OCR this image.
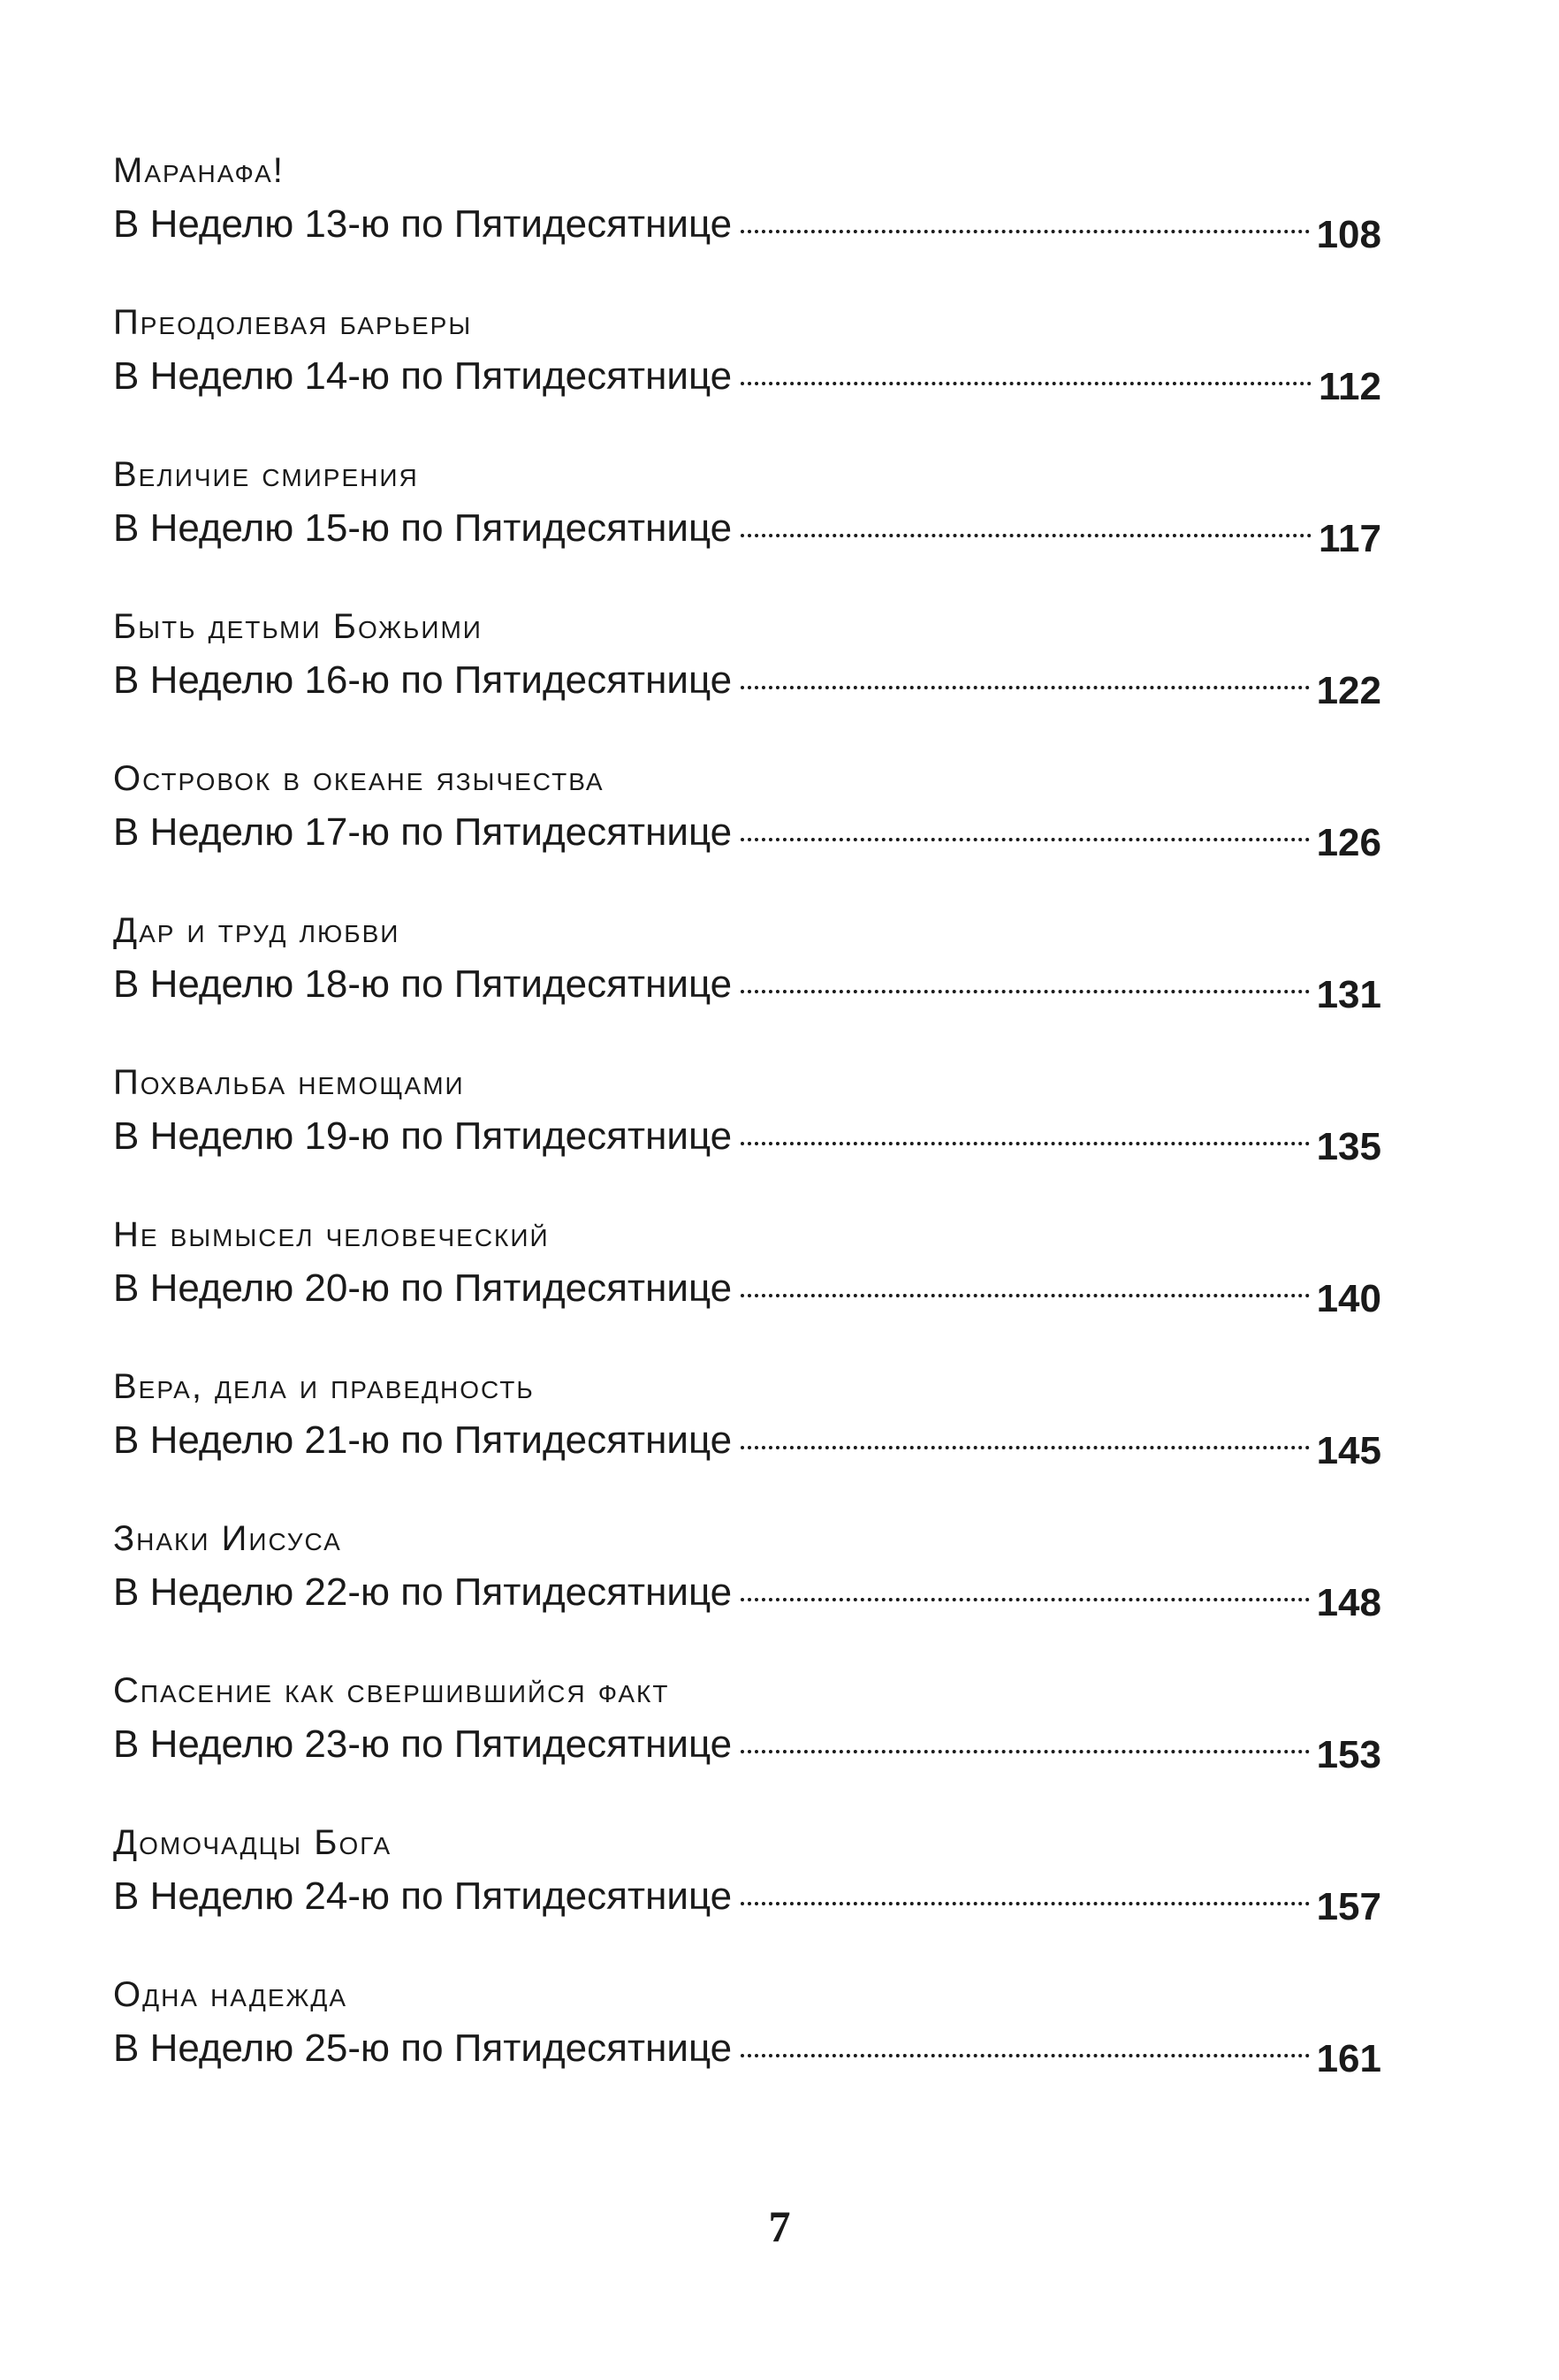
Маранафа!
В Неделю 13-ю по Пятидесятнице	108
Преодолевая барьеры
В Неделю 14-ю по Пятидесятнице	112
Величие смирения
В Неделю 15-ю по Пятидесятнице	117
Быть детьми Божьими
В Неделю 16-ю по Пятидесятнице	122
Островок в океане язычества
В Неделю 17-ю по Пятидесятнице	126
Дар и труд любви
В Неделю 18-ю по Пятидесятнице	131
Похвальба немощами
В Неделю 19-ю по Пятидесятнице	135
Не вымысел человеческий
В Неделю 20-ю по Пятидесятнице	140
Вера, дела и праведность
В Неделю 21-ю по Пятидесятнице	145
Знаки Иисуса
В Неделю 22-ю по Пятидесятнице	148
Спасение как свершившийся факт
В Неделю 23-ю по Пятидесятнице	153
Домочадцы Бога
В Неделю 24-ю по Пятидесятнице	157
Одна надежда
В Неделю 25-ю по Пятидесятнице	161
7
